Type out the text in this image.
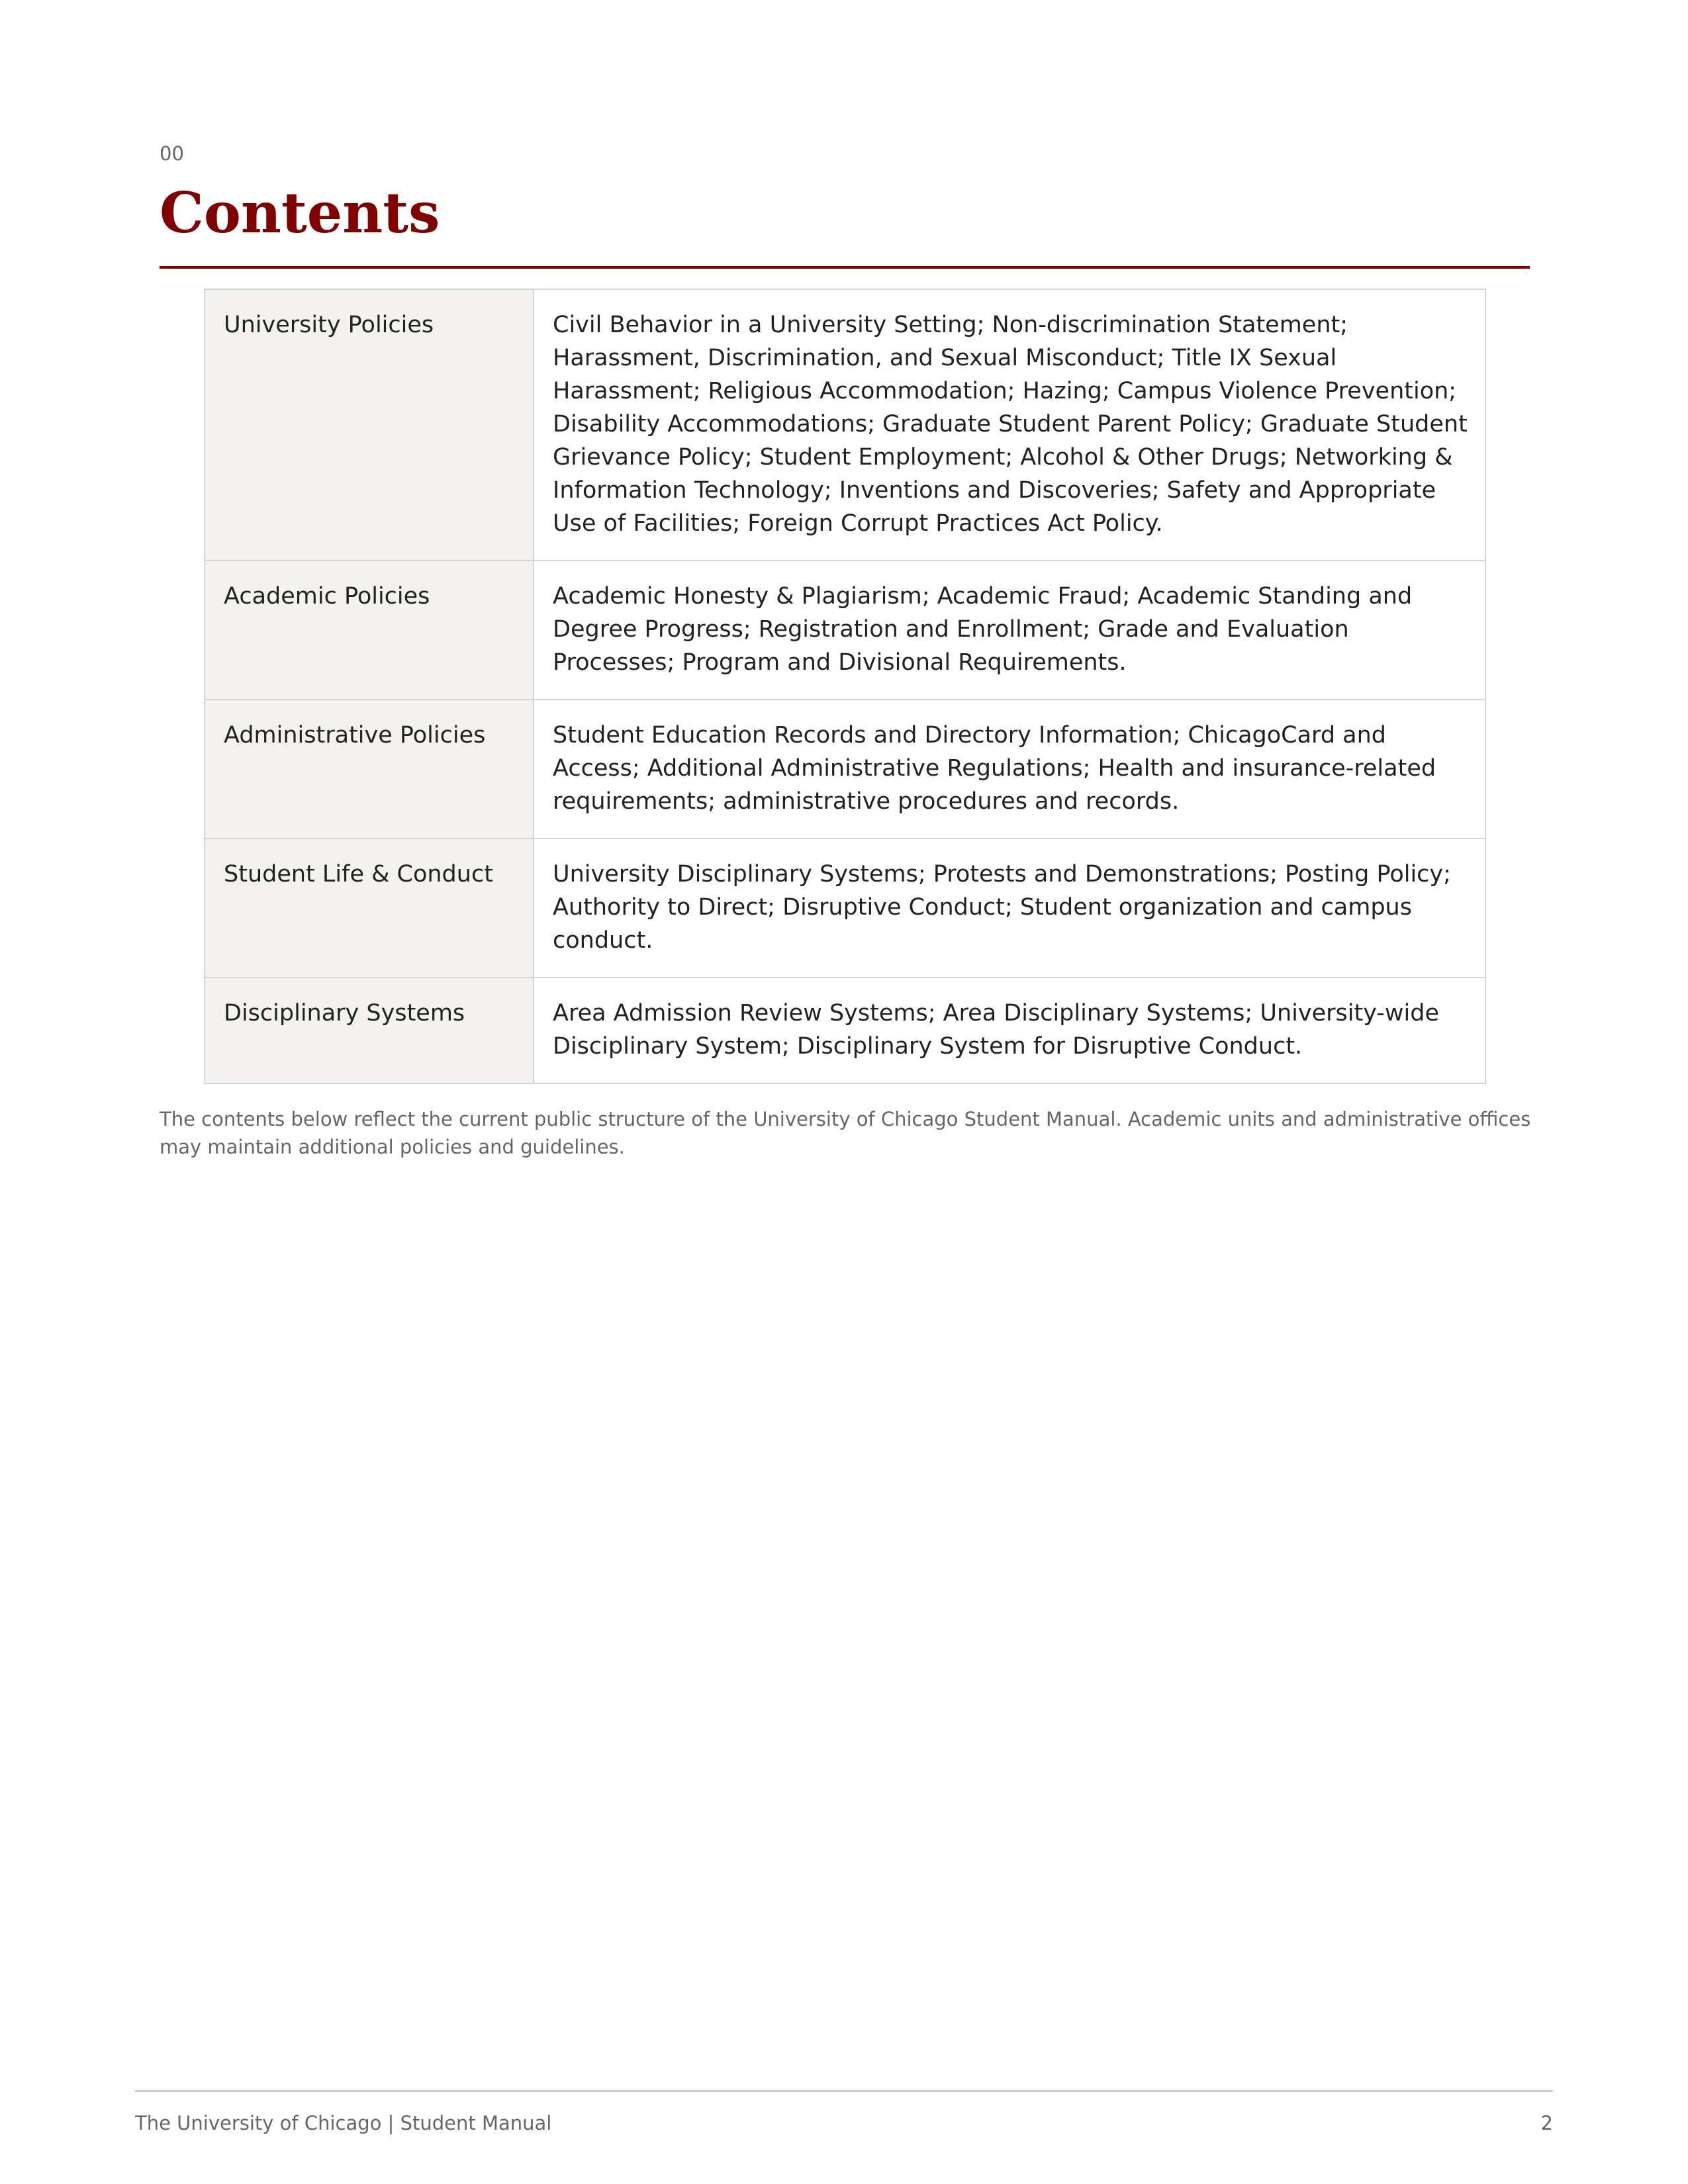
00
Contents
University Policies	Civil Behavior in a University Setting; Non-discrimination Statement; Harassment, Discrimination, and Sexual Misconduct; Title IX Sexual Harassment; Religious Accommodation; Hazing; Campus Violence Prevention; Disability Accommodations; Graduate Student Parent Policy; Graduate Student Grievance Policy; Student Employment; Alcohol & Other Drugs; Networking & Information Technology; Inventions and Discoveries; Safety and Appropriate Use of Facilities; Foreign Corrupt Practices Act Policy.
Academic Policies	Academic Honesty & Plagiarism; Academic Fraud; Academic Standing and Degree Progress; Registration and Enrollment; Grade and Evaluation Processes; Program and Divisional Requirements.
Administrative Policies	Student Education Records and Directory Information; ChicagoCard and Access; Additional Administrative Regulations; Health and insurance-related requirements; administrative procedures and records.
Student Life & Conduct	University Disciplinary Systems; Protests and Demonstrations; Posting Policy; Authority to Direct; Disruptive Conduct; Student organization and campus conduct.
Disciplinary Systems	Area Admission Review Systems; Area Disciplinary Systems; University-wide Disciplinary System; Disciplinary System for Disruptive Conduct.

The contents below reflect the current public structure of the University of Chicago Student Manual. Academic units and administrative offices may maintain additional policies and guidelines.

The University of Chicago | Student Manual	2
